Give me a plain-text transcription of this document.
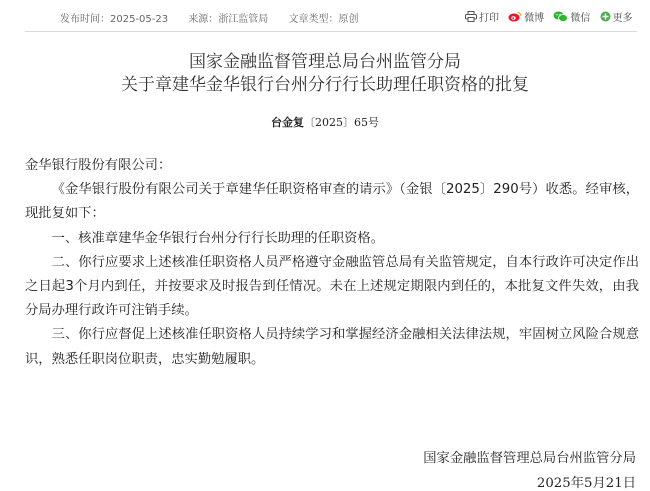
发布时间：2025-05-23 来源：浙江监管局 文章类型：原创	打印
	微博
	微信
更多
国家金融监督管理总局台州监管分局
关于章建华金华银行台州分行行长助理任职资格的批复
台金复〔2025〕65号

金华银行股份有限公司：

《金华银行股份有限公司关于章建华任职资格审查的请示》（金银〔2025〕290号）收悉。经审核，现批复如下：

一、核准章建华金华银行台州分行行长助理的任职资格。

二、你行应要求上述核准任职资格人员严格遵守金融监管总局有关监管规定，自本行政许可决定作出之日起3个月内到任，并按要求及时报告到任情况。未在上述规定期限内到任的，本批复文件失效，由我分局办理行政许可注销手续。

三、你行应督促上述核准任职资格人员持续学习和掌握经济金融相关法律法规，牢固树立风险合规意识，熟悉任职岗位职责，忠实勤勉履职。

国家金融监督管理总局台州监管分局
2025年5月21日
